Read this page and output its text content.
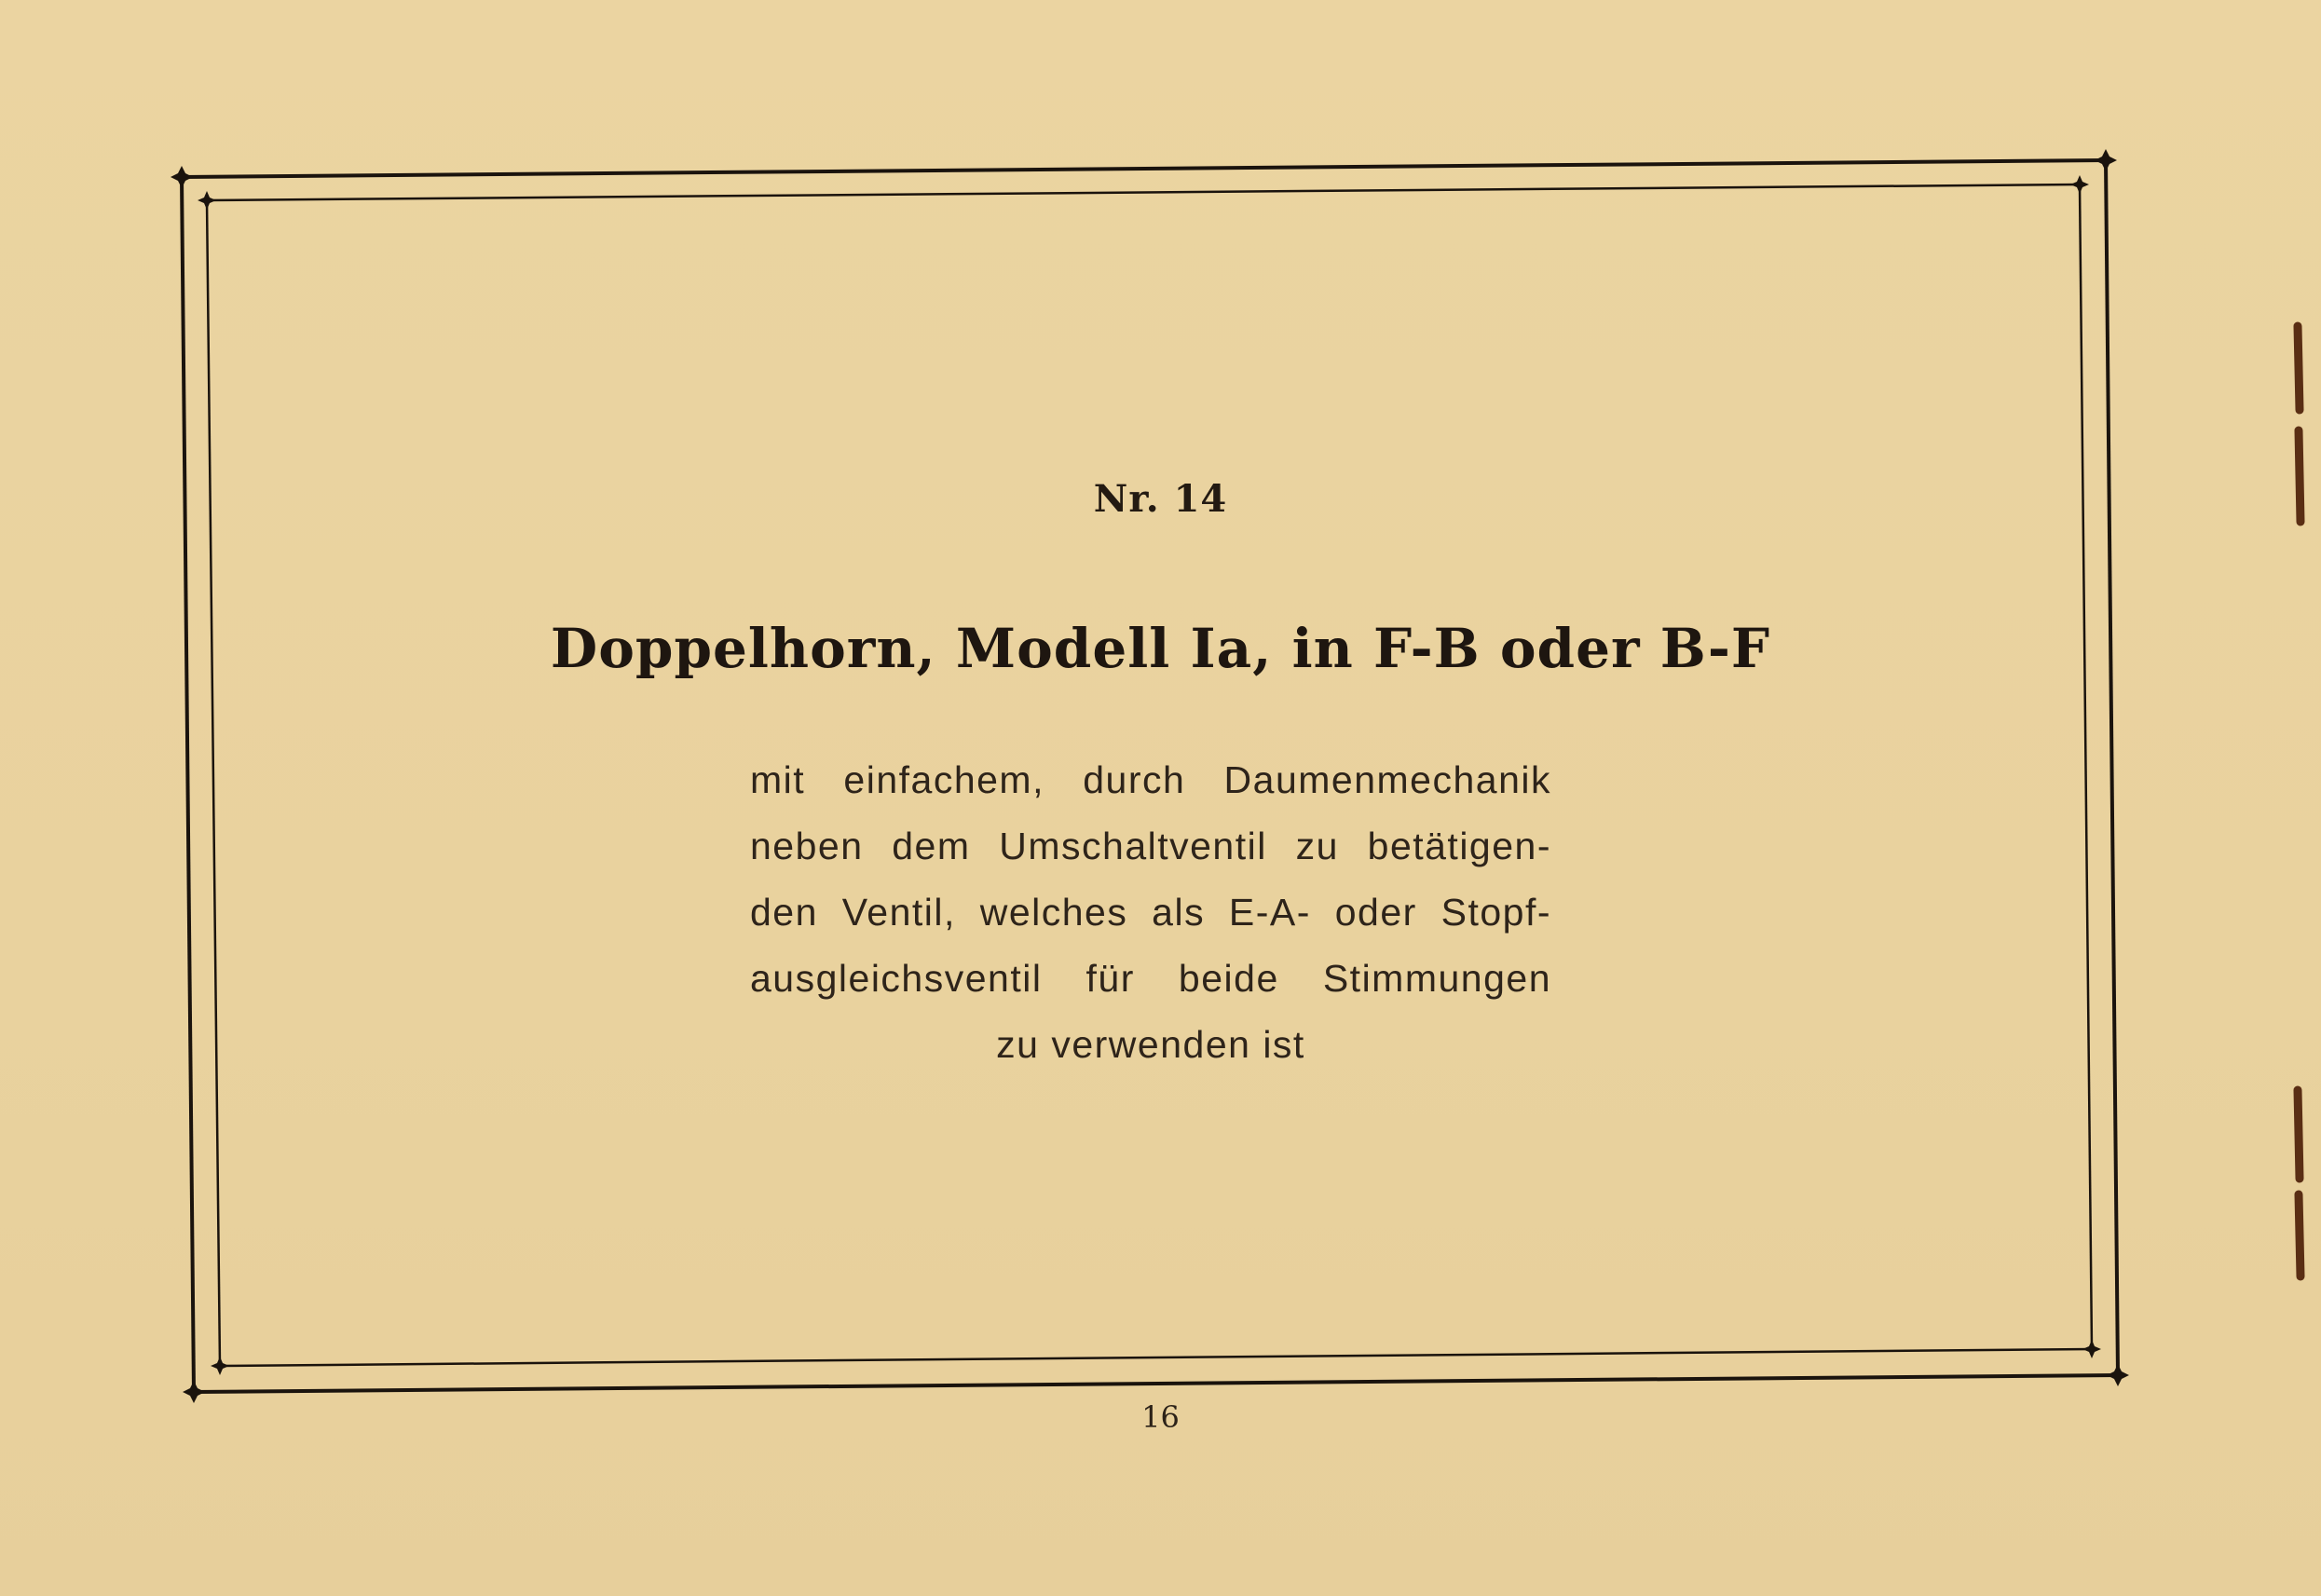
Nr. 14
Doppelhorn, Modell Ia, in F-B oder B-F
mit einfachem, durch Daumenmechanik
neben dem Umschaltventil zu betätigen-
den Ventil, welches als E-A- oder Stopf-
ausgleichsventil für beide Stimmungen
zu verwenden ist
16
